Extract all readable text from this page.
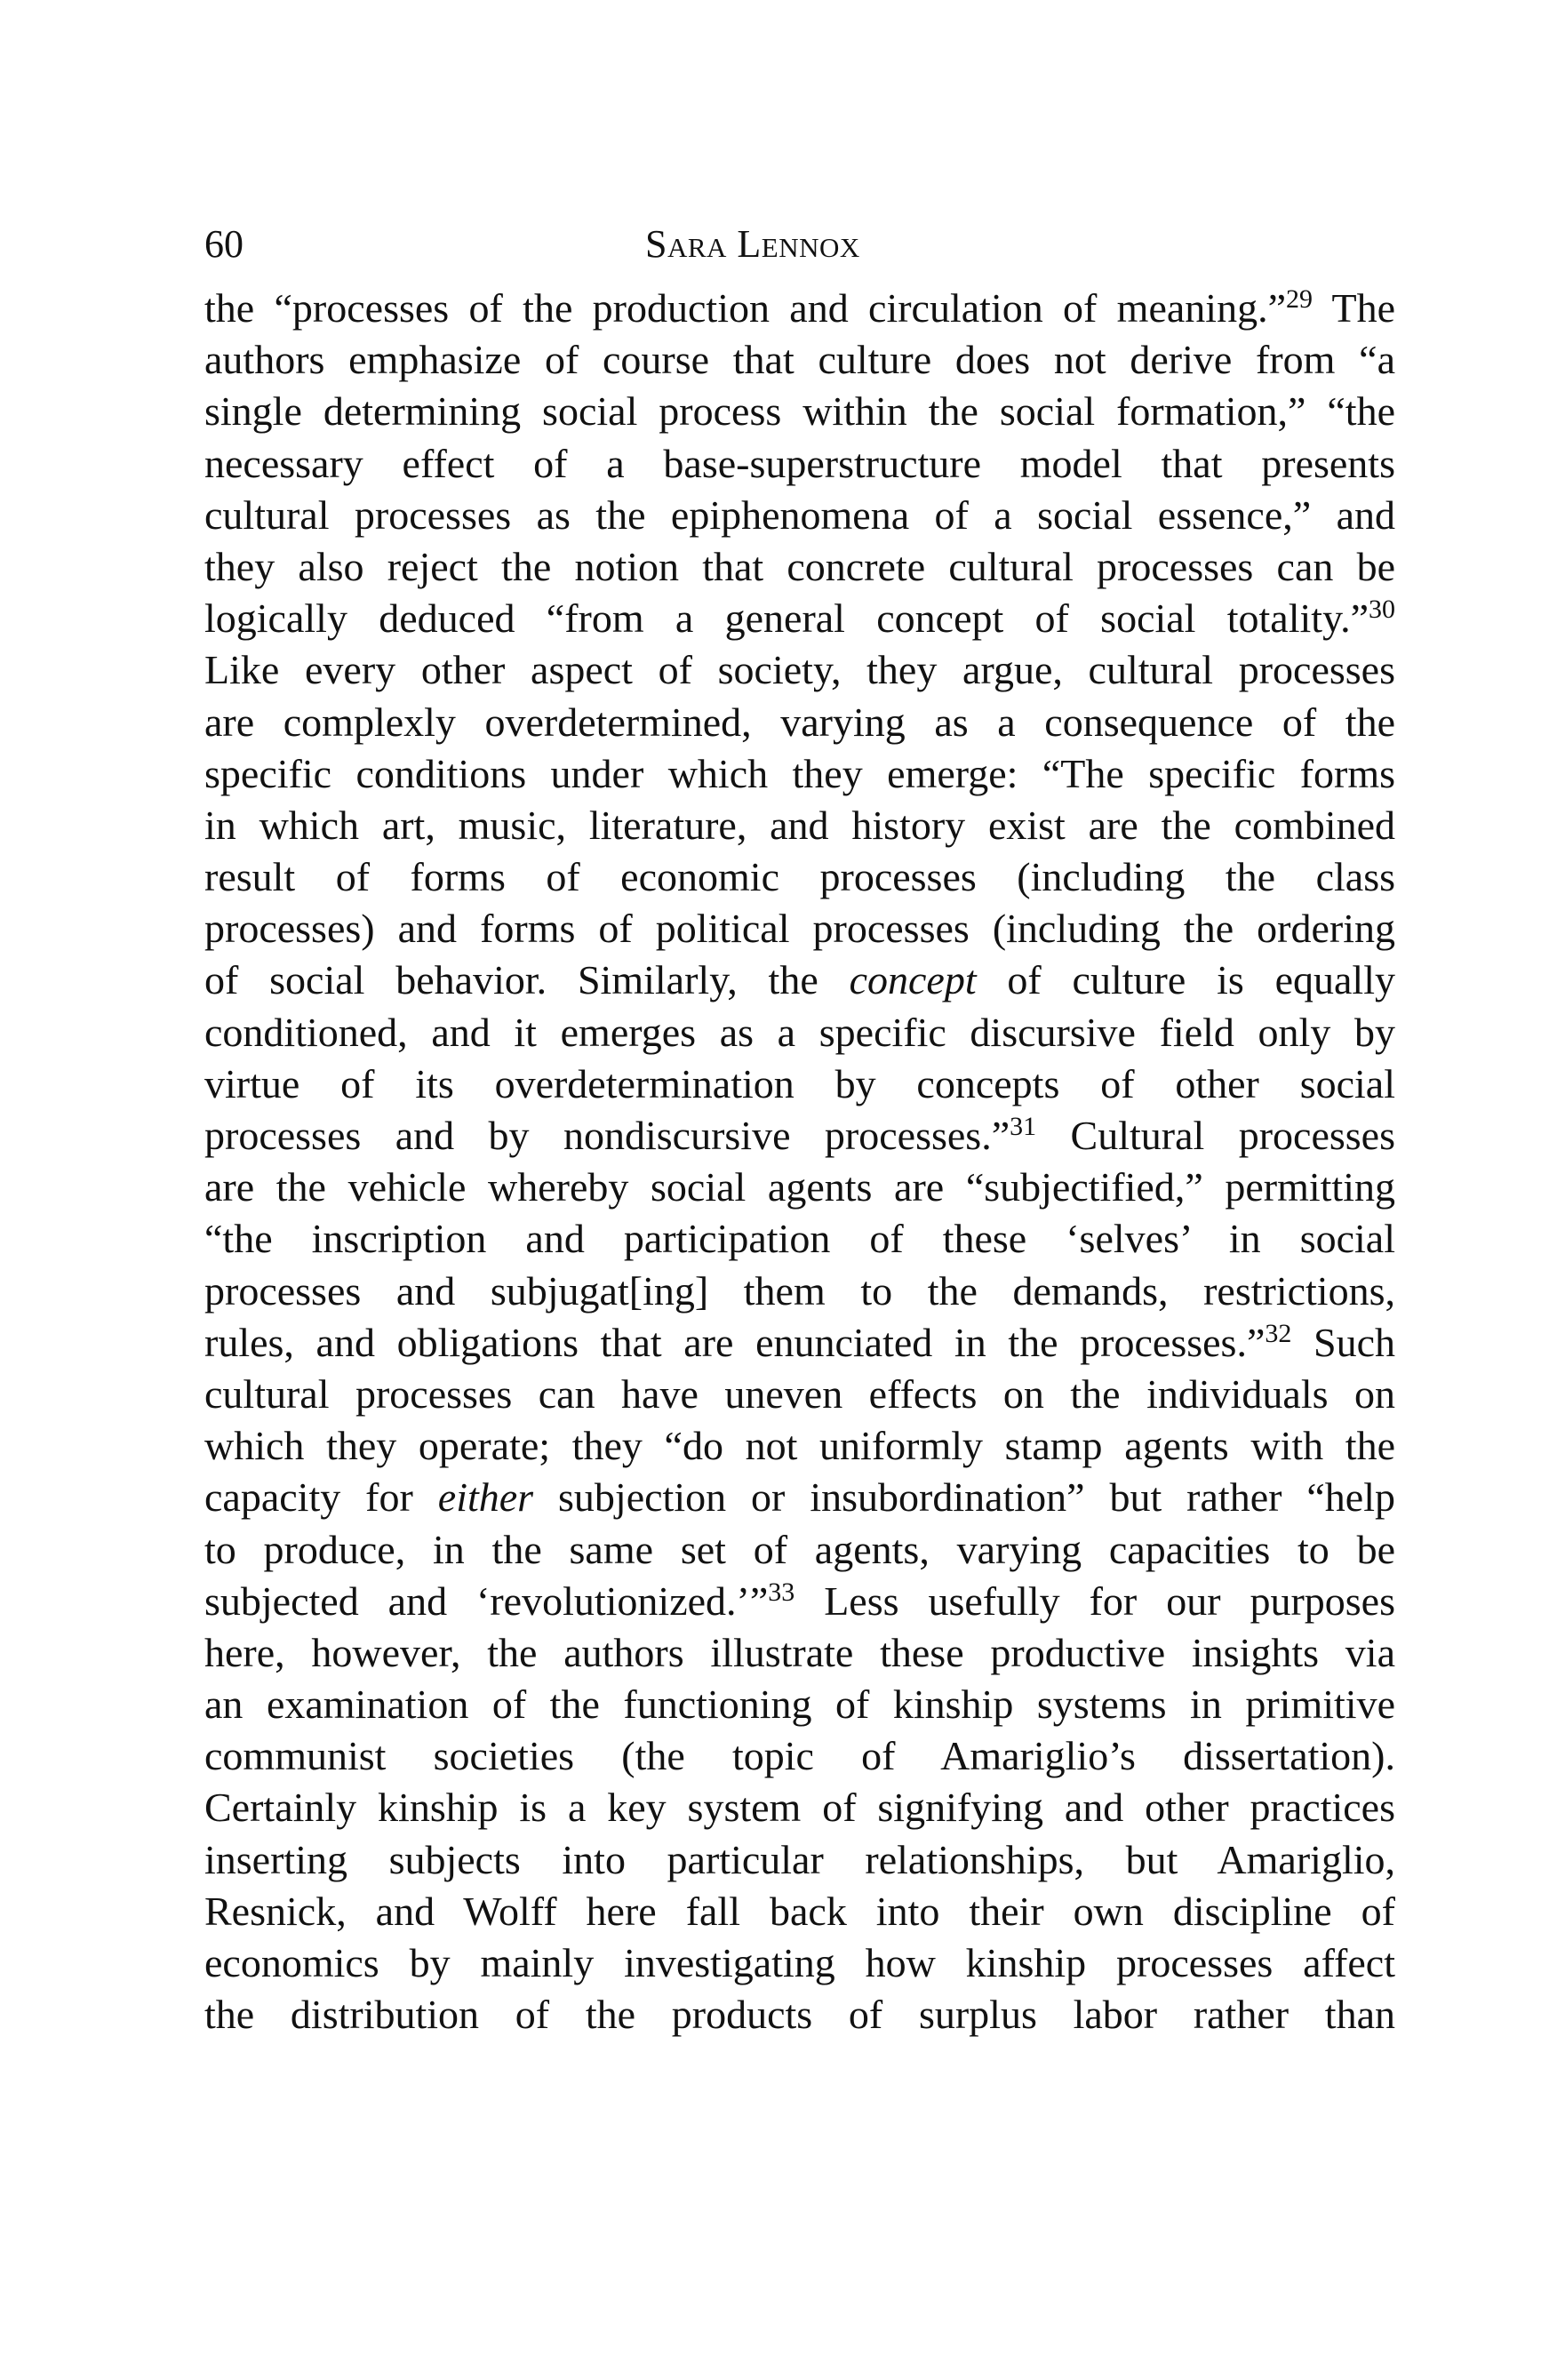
60	Sara Lennox
the “processes of the production and circulation of meaning.”$^{29}$ The
authors emphasize of course that culture does not derive from “a
single determining social process within the social formation,” “the
necessary effect of a base-superstructure model that presents
cultural processes as the epiphenomena of a social essence,” and
they also reject the notion that concrete cultural processes can be
logically deduced “from a general concept of social totality.”$^{30}$
Like every other aspect of society, they argue, cultural processes
are complexly overdetermined, varying as a consequence of the
specific conditions under which they emerge: “The specific forms
in which art, music, literature, and history exist are the combined
result of forms of economic processes (including the class
processes) and forms of political processes (including the ordering
of social behavior. Similarly, the concept of culture is equally
conditioned, and it emerges as a specific discursive field only by
virtue of its overdetermination by concepts of other social
processes and by nondiscursive processes.”$^{31}$ Cultural processes
are the vehicle whereby social agents are “subjectified,” permitting
“the inscription and participation of these ‘selves’ in social
processes and subjugat[ing] them to the demands, restrictions,
rules, and obligations that are enunciated in the processes.”$^{32}$ Such
cultural processes can have uneven effects on the individuals on
which they operate; they “do not uniformly stamp agents with the
capacity for either subjection or insubordination” but rather “help
to produce, in the same set of agents, varying capacities to be
subjected and ‘revolutionized.’”$^{33}$ Less usefully for our purposes
here, however, the authors illustrate these productive insights via
an examination of the functioning of kinship systems in primitive
communist societies (the topic of Amariglio’s dissertation).
Certainly kinship is a key system of signifying and other practices
inserting subjects into particular relationships, but Amariglio,
Resnick, and Wolff here fall back into their own discipline of
economics by mainly investigating how kinship processes affect
the distribution of the products of surplus labor rather than
